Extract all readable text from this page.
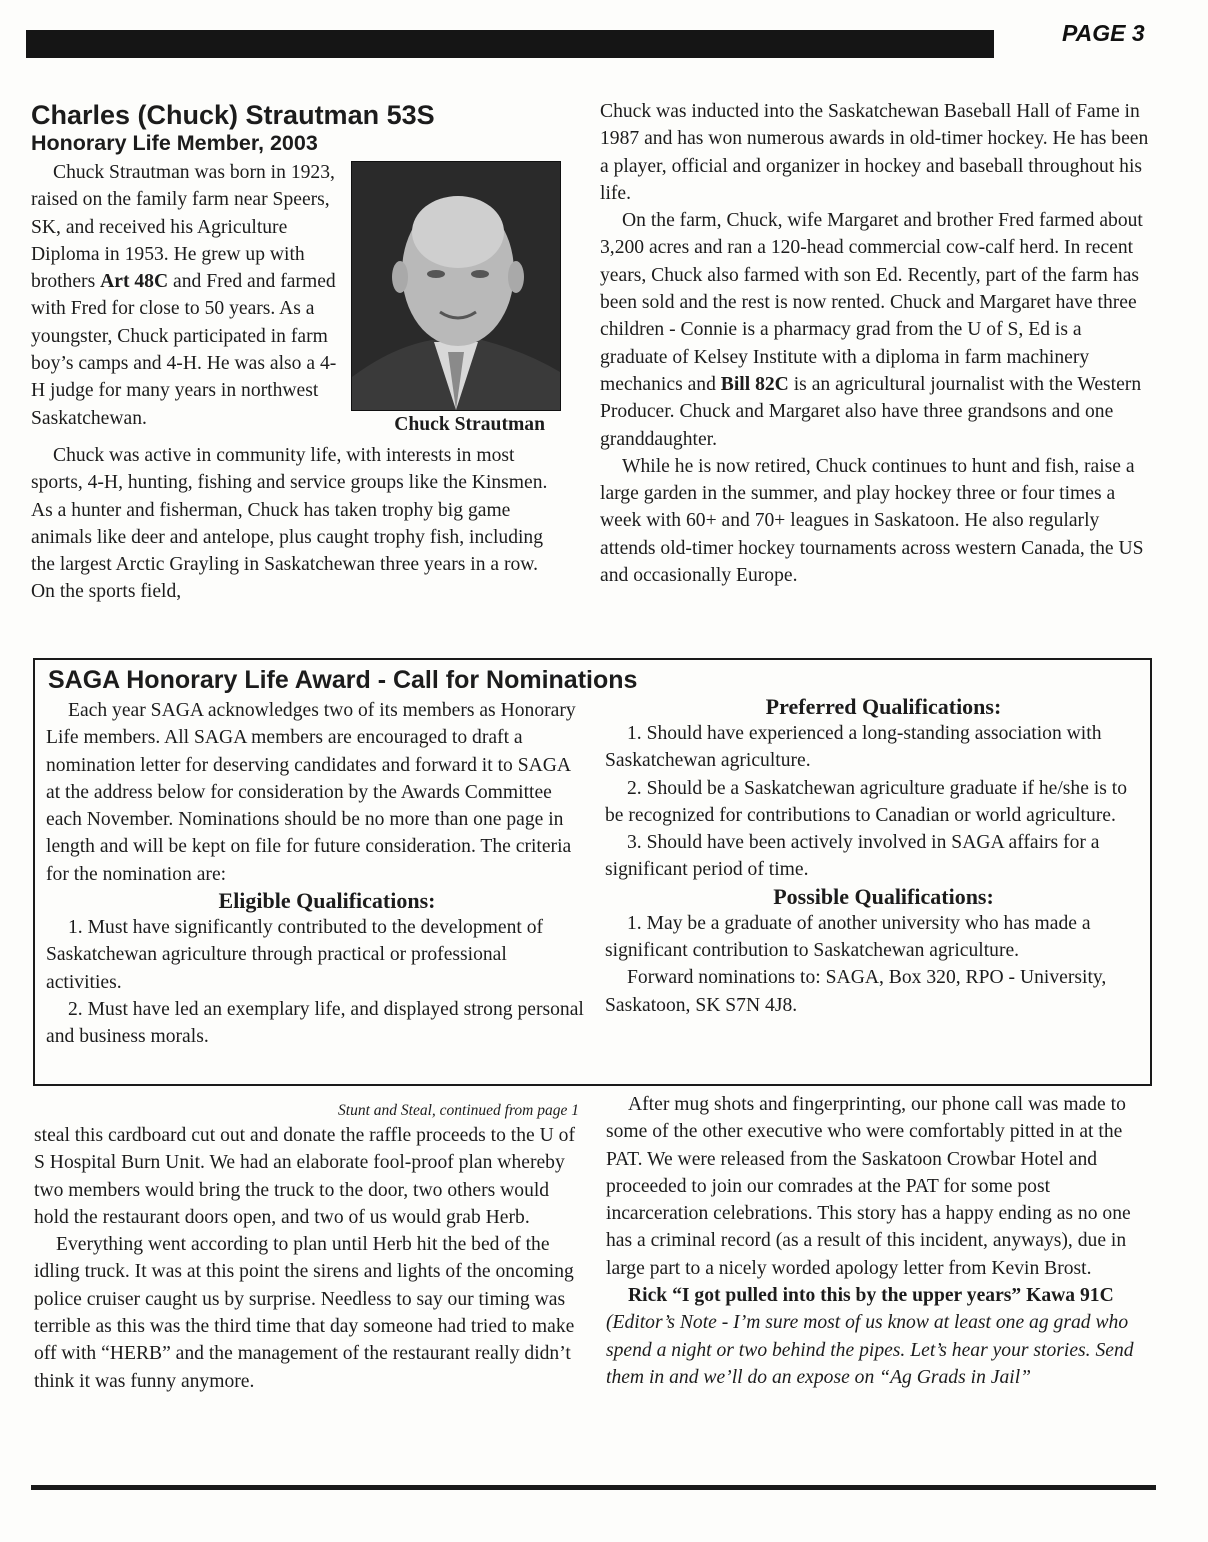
PAGE 3
Charles (Chuck) Strautman 53S
Honorary Life Member, 2003
Chuck Strautman

Chuck Strautman was born in 1923, raised on the family farm near Speers, SK, and received his Agriculture Diploma in 1953. He grew up with brothers Art 48C and Fred and farmed with Fred for close to 50 years. As a youngster, Chuck participated in farm boy’s camps and 4-H. He was also a 4-H judge for many years in northwest Saskatchewan.

Chuck was active in community life, with interests in most sports, 4-H, hunting, fishing and service groups like the Kinsmen. As a hunter and fisherman, Chuck has taken trophy big game animals like deer and antelope, plus caught trophy fish, including the largest Arctic Grayling in Saskatchewan three years in a row. On the sports field,

Chuck was inducted into the Saskatchewan Baseball Hall of Fame in 1987 and has won numerous awards in old-timer hockey. He has been a player, official and organizer in hockey and baseball throughout his life.

On the farm, Chuck, wife Margaret and brother Fred farmed about 3,200 acres and ran a 120-head commercial cow-calf herd. In recent years, Chuck also farmed with son Ed. Recently, part of the farm has been sold and the rest is now rented. Chuck and Margaret have three children - Connie is a pharmacy grad from the U of S, Ed is a graduate of Kelsey Institute with a diploma in farm machinery mechanics and Bill 82C is an agricultural journalist with the Western Producer. Chuck and Margaret also have three grandsons and one granddaughter.

While he is now retired, Chuck continues to hunt and fish, raise a large garden in the summer, and play hockey three or four times a week with 60+ and 70+ leagues in Saskatoon. He also regularly attends old-timer hockey tournaments across western Canada, the US and occasionally Europe.

SAGA Honorary Life Award - Call for Nominations

Each year SAGA acknowledges two of its members as Honorary Life members. All SAGA members are encouraged to draft a nomination letter for deserving candidates and forward it to SAGA at the address below for consideration by the Awards Committee each November. Nominations should be no more than one page in length and will be kept on file for future consideration. The criteria for the nomination are:

Eligible Qualifications:

1. Must have significantly contributed to the development of Saskatchewan agriculture through practical or professional activities.

2. Must have led an exemplary life, and displayed strong personal and business morals.

Preferred Qualifications:

1. Should have experienced a long-standing association with Saskatchewan agriculture.

2. Should be a Saskatchewan agriculture graduate if he/she is to be recognized for contributions to Canadian or world agriculture.

3. Should have been actively involved in SAGA affairs for a significant period of time.

Possible Qualifications:

1. May be a graduate of another university who has made a significant contribution to Saskatchewan agriculture.

Forward nominations to: SAGA, Box 320, RPO - University, Saskatoon, SK S7N 4J8.

Stunt and Steal, continued from page 1

steal this cardboard cut out and donate the raffle proceeds to the U of S Hospital Burn Unit. We had an elaborate fool-proof plan whereby two members would bring the truck to the door, two others would hold the restaurant doors open, and two of us would grab Herb.

Everything went according to plan until Herb hit the bed of the idling truck. It was at this point the sirens and lights of the oncoming police cruiser caught us by surprise. Needless to say our timing was terrible as this was the third time that day someone had tried to make off with “HERB” and the management of the restaurant really didn’t think it was funny anymore.

After mug shots and fingerprinting, our phone call was made to some of the other executive who were comfortably pitted in at the PAT. We were released from the Saskatoon Crowbar Hotel and proceeded to join our comrades at the PAT for some post incarceration celebrations. This story has a happy ending as no one has a criminal record (as a result of this incident, anyways), due in large part to a nicely worded apology letter from Kevin Brost.

Rick “I got pulled into this by the upper years” Kawa 91C (Editor’s Note - I’m sure most of us know at least one ag grad who spend a night or two behind the pipes. Let’s hear your stories. Send them in and we’ll do an expose on “Ag Grads in Jail”
